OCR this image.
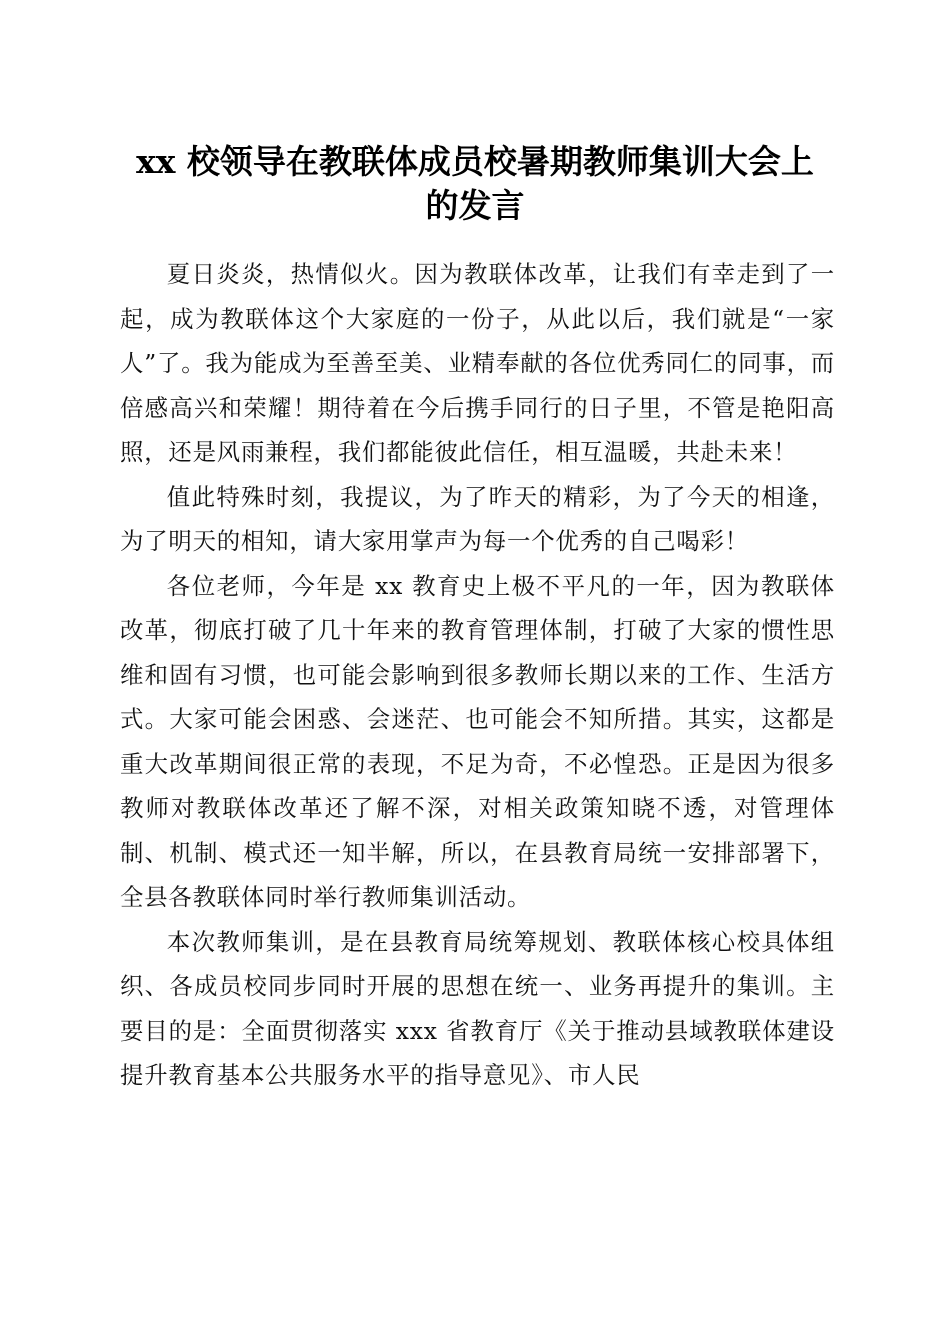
xx 校领导在教联体成员校暑期教师集训大会上的发言

夏日炎炎，热情似火。因为教联体改革，让我们有幸走到了一起，成为教联体这个大家庭的一份子，从此以后，我们就是“一家人”了。我为能成为至善至美、业精奉献的各位优秀同仁的同事，而倍感高兴和荣耀！期待着在今后携手同行的日子里，不管是艳阳高照，还是风雨兼程，我们都能彼此信任，相互温暖，共赴未来！

值此特殊时刻，我提议，为了昨天的精彩，为了今天的相逢，为了明天的相知，请大家用掌声为每一个优秀的自己喝彩！

各位老师，今年是 xx 教育史上极不平凡的一年，因为教联体改革，彻底打破了几十年来的教育管理体制，打破了大家的惯性思维和固有习惯，也可能会影响到很多教师长期以来的工作、生活方式。大家可能会困惑、会迷茫、也可能会不知所措。其实，这都是重大改革期间很正常的表现，不足为奇，不必惶恐。正是因为很多教师对教联体改革还了解不深，对相关政策知晓不透，对管理体制、机制、模式还一知半解，所以，在县教育局统一安排部署下，全县各教联体同时举行教师集训活动。

本次教师集训，是在县教育局统筹规划、教联体核心校具体组织、各成员校同步同时开展的思想在统一、业务再提升的集训。主要目的是：全面贯彻落实 xxx 省教育厅《关于推动县域教联体建设提升教育基本公共服务水平的指导意见》、市人民
